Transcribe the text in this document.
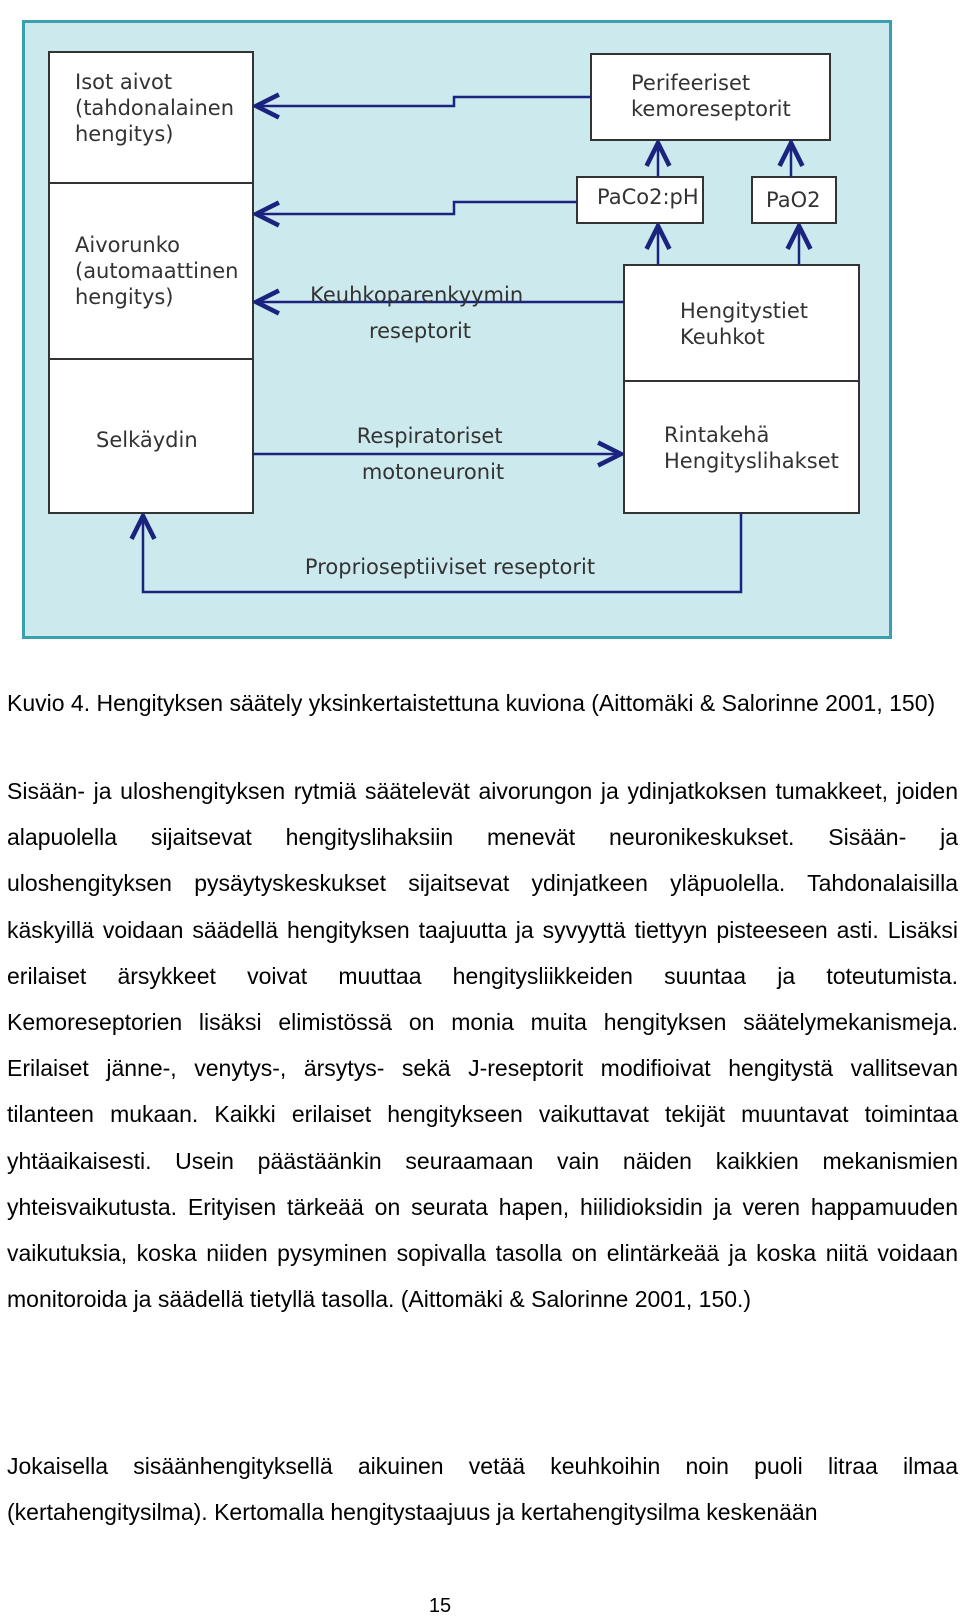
Isot aivot (tahdonalainen hengitys)
Aivorunko (automaattinen hengitys)
Selkäydin
Perifeeriset kemoreseptorit
PaCo2:pH	PaO2
Hengitystiet Keuhkot
Rintakehä Hengityslihakset
Keuhkoparenkyymin reseptorit
Respiratoriset motoneuronit
Proprioseptiiviset reseptorit
Kuvio 4. Hengityksen säätely yksinkertaistettuna kuviona (Aittomäki & Salorinne 2001, 150)

Sisään- ja uloshengityksen rytmiä säätelevät aivorungon ja ydinjatkoksen tumakkeet, joiden alapuolella sijaitsevat hengityslihaksiin menevät neuronikeskukset. Sisään- ja uloshengityksen pysäytyskeskukset sijaitsevat ydinjatkeen yläpuolella. Tahdonalaisilla käskyillä voidaan säädellä hengityksen taajuutta ja syvyyttä tiettyyn pisteeseen asti. Lisäksi erilaiset ärsykkeet voivat muuttaa hengitysliikkeiden suuntaa ja toteutumista. Kemoreseptorien lisäksi elimistössä on monia muita hengityksen säätelymekanismeja. Erilaiset jänne-, venytys-, ärsytys- sekä J-reseptorit modifioivat hengitystä vallitsevan tilanteen mukaan. Kaikki erilaiset hengitykseen vaikuttavat tekijät muuntavat toimintaa yhtäaikaisesti. Usein päästäänkin seuraamaan vain näiden kaikkien mekanismien yhteisvaikutusta. Erityisen tärkeää on seurata hapen, hiilidioksidin ja veren happamuuden vaikutuksia, koska niiden pysyminen sopivalla tasolla on elintärkeää ja koska niitä voidaan monitoroida ja säädellä tietyllä tasolla. (Aittomäki & Salorinne 2001, 150.)

Jokaisella sisäänhengityksellä aikuinen vetää keuhkoihin noin puoli litraa ilmaa (kertahengitysilma). Kertomalla hengitystaajuus ja kertahengitysilma keskenään

15
